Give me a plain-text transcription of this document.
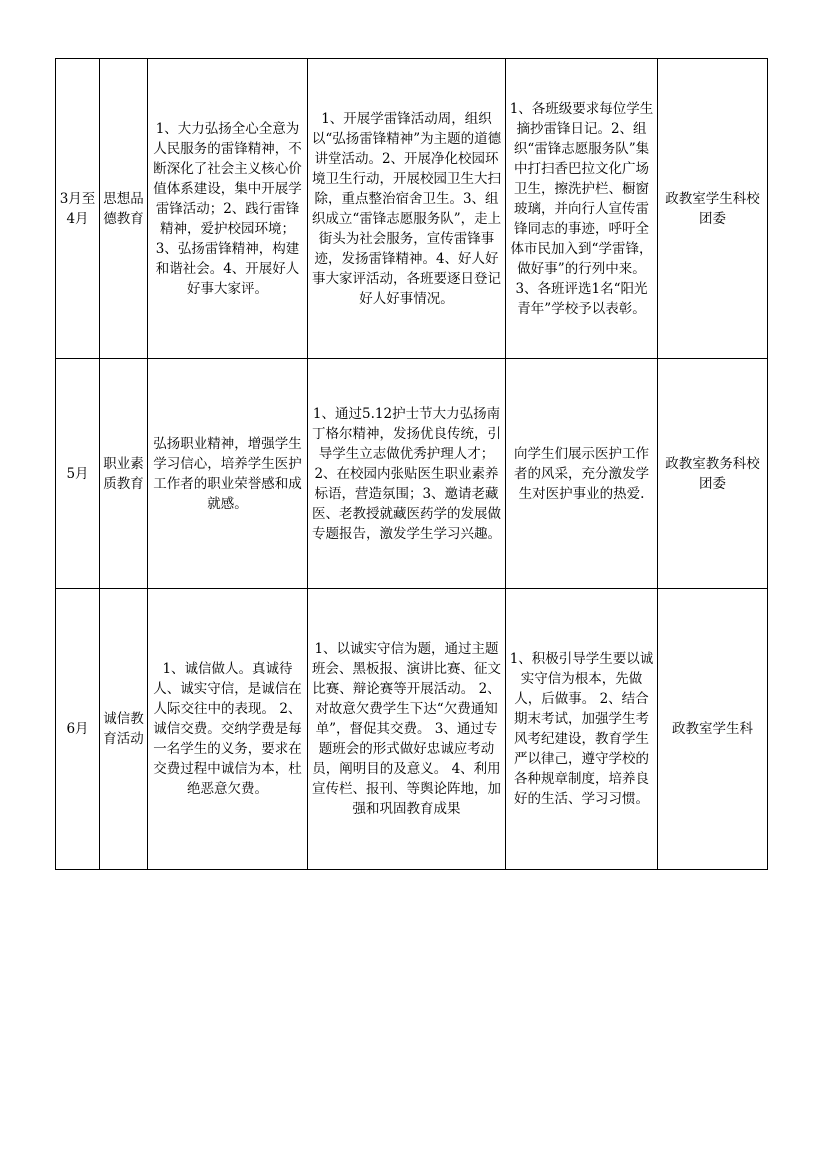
3月至4月	思想品德教育	1、大力弘扬全心全意为人民服务的雷锋精神，不断深化了社会主义核心价值体系建设，集中开展学雷锋活动；2、践行雷锋精神，爱护校园环境；3、弘扬雷锋精神，构建和谐社会。4、开展好人好事大家评。	1、开展学雷锋活动周，组织以“弘扬雷锋精神”为主题的道德讲堂活动。2、开展净化校园环境卫生行动，开展校园卫生大扫除，重点整治宿舍卫生。3、组织成立“雷锋志愿服务队”，走上街头为社会服务，宣传雷锋事迹，发扬雷锋精神。4、好人好事大家评活动，各班要逐日登记好人好事情况。	1、各班级要求每位学生摘抄雷锋日记。2、组织“雷锋志愿服务队”集中打扫香巴拉文化广场卫生，擦洗护栏、橱窗玻璃，并向行人宣传雷锋同志的事迹，呼吁全体市民加入到“学雷锋，做好事”的行列中来。3、各班评选1名“阳光青年”学校予以表彰。	政教室学生科校团委
5月	职业素质教育	弘扬职业精神，增强学生学习信心，培养学生医护工作者的职业荣誉感和成就感。	1、通过5.12护士节大力弘扬南丁格尔精神，发扬优良传统，引导学生立志做优秀护理人才；2、在校园内张贴医生职业素养标语，营造氛围；3、邀请老藏医、老教授就藏医药学的发展做专题报告，激发学生学习兴趣。	向学生们展示医护工作者的风采，充分激发学生对医护事业的热爱.	政教室教务科校团委
6月	诚信教育活动	1、诚信做人。真诚待人、诚实守信，是诚信在人际交往中的表现。 2、诚信交费。交纳学费是每一名学生的义务，要求在交费过程中诚信为本，杜绝恶意欠费。	1、以诚实守信为题，通过主题班会、黑板报、演讲比赛、征文比赛、辩论赛等开展活动。 2、对故意欠费学生下达“欠费通知单”，督促其交费。 3、通过专题班会的形式做好忠诚应考动员，阐明目的及意义。 4、利用宣传栏、报刊、等舆论阵地，加强和巩固教育成果	1、积极引导学生要以诚实守信为根本，先做人，后做事。 2、结合期末考试，加强学生考风考纪建设，教育学生严以律己，遵守学校的各种规章制度，培养良好的生活、学习习惯。	政教室学生科
